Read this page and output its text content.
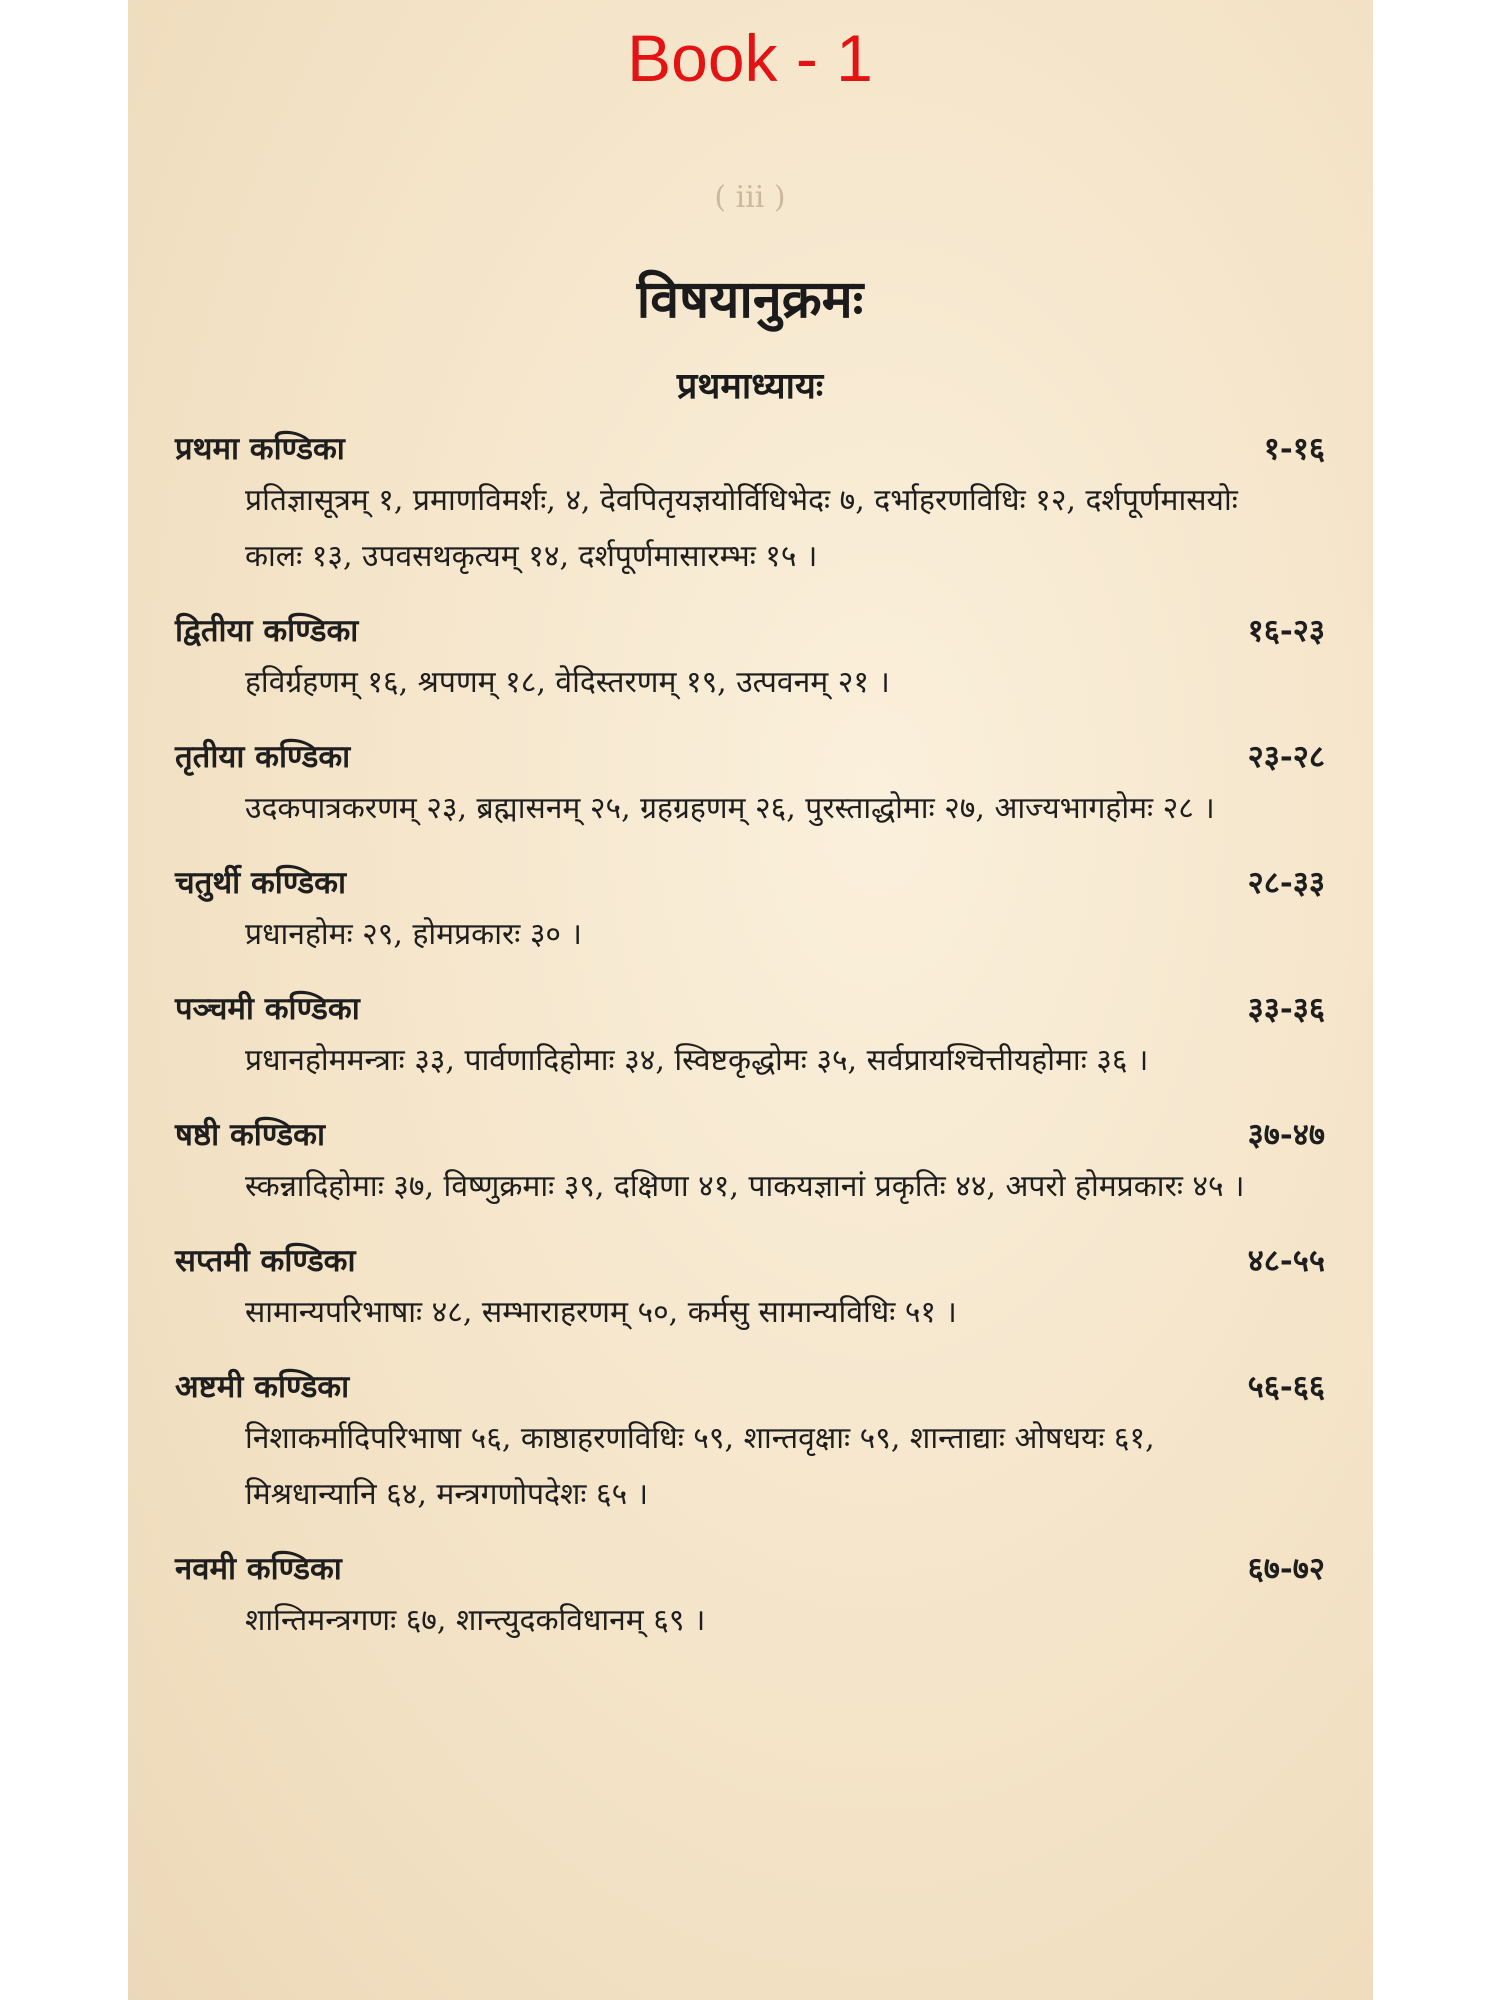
Book - 1
( iii )
विषयानुक्रमः
प्रथमाध्यायः
प्रथमा कण्डिका	१-१६
प्रतिज्ञासूत्रम् १, प्रमाणविमर्शः, ४, देवपितृयज्ञयोर्विधिभेदः ७, दर्भाहरणविधिः १२, दर्शपूर्णमासयोः कालः १३, उपवसथकृत्यम् १४, दर्शपूर्णमासारम्भः १५ ।
द्वितीया कण्डिका	१६-२३
हविर्ग्रहणम् १६, श्रपणम् १८, वेदिस्तरणम् १९, उत्पवनम् २१ ।
तृतीया कण्डिका	२३-२८
उदकपात्रकरणम् २३, ब्रह्मासनम् २५, ग्रहग्रहणम् २६, पुरस्ताद्धोमाः २७, आज्यभागहोमः २८ ।
चतुर्थी कण्डिका	२८-३३
प्रधानहोमः २९, होमप्रकारः ३० ।
पञ्चमी कण्डिका	३३-३६
प्रधानहोममन्त्राः ३३, पार्वणादिहोमाः ३४, स्विष्टकृद्धोमः ३५, सर्वप्रायश्चित्तीयहोमाः ३६ ।
षष्ठी कण्डिका	३७-४७
स्कन्नादिहोमाः ३७, विष्णुक्रमाः ३९, दक्षिणा ४१, पाकयज्ञानां प्रकृतिः ४४, अपरो होमप्रकारः ४५ ।
सप्तमी कण्डिका	४८-५५
सामान्यपरिभाषाः ४८, सम्भाराहरणम् ५०, कर्मसु सामान्यविधिः ५१ ।
अष्टमी कण्डिका	५६-६६
निशाकर्मादिपरिभाषा ५६, काष्ठाहरणविधिः ५९, शान्तवृक्षाः ५९, शान्ताद्याः ओषधयः ६१, मिश्रधान्यानि ६४, मन्त्रगणोपदेशः ६५ ।
नवमी कण्डिका	६७-७२
शान्तिमन्त्रगणः ६७, शान्त्युदकविधानम् ६९ ।
